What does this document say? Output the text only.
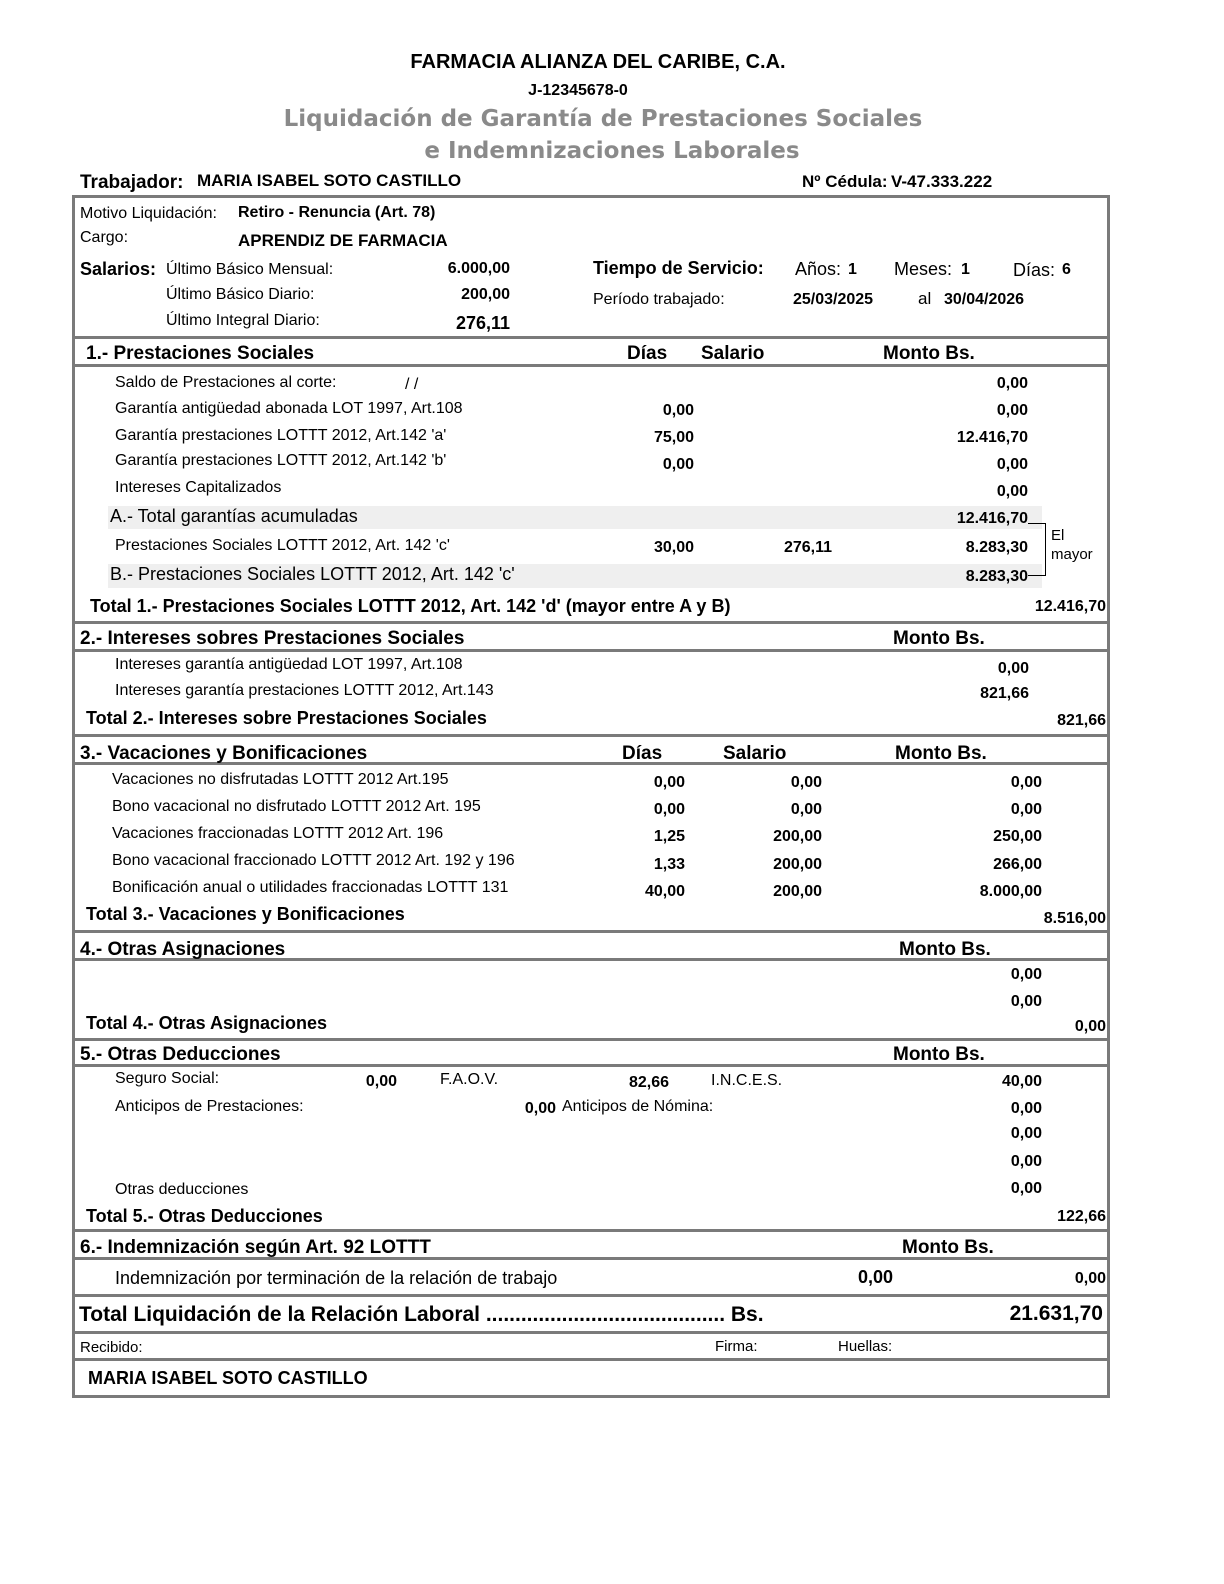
FARMACIA ALIANZA DEL CARIBE, C.A.
J-12345678-0
Liquidación de Garantía de Prestaciones Sociales
e Indemnizaciones Laborales
Trabajador: MARIA ISABEL SOTO CASTILLO	Nº Cédula: V-47.333.222
Motivo Liquidación: Retiro - Renuncia (Art. 78)
Cargo:	APRENDIZ DE FARMACIA
Salarios: Último Básico Mensual:	6.000,00
Último Básico Diario:	200,00
Último Integral Diario:	276,11
Tiempo de Servicio: Años: 1 Meses: 1 Días: 6
Período trabajado:	25/03/2025	al 30/04/2026
1.- Prestaciones Sociales	Días Salario	Monto Bs.
Saldo de Prestaciones al corte:	/ /	0,00
Garantía antigüedad abonada LOT 1997, Art.108	0,00	0,00
Garantía prestaciones LOTTT 2012, Art.142 'a'	75,00	12.416,70
Garantía prestaciones LOTTT 2012, Art.142 'b'	0,00	0,00
Intereses Capitalizados	0,00
A.- Total garantías acumuladas	12.416,70
Prestaciones Sociales LOTTT 2012, Art. 142 'c'	30,00	276,11	8.283,30
B.- Prestaciones Sociales LOTTT 2012, Art. 142 'c'	8.283,30
El
mayor
Total 1.- Prestaciones Sociales LOTTT 2012, Art. 142 'd' (mayor entre A y B)	12.416,70
2.- Intereses sobres Prestaciones Sociales	Monto Bs.
Intereses garantía antigüedad LOT 1997, Art.108	0,00
Intereses garantía prestaciones LOTTT 2012, Art.143	821,66
Total 2.- Intereses sobre Prestaciones Sociales	821,66
3.- Vacaciones y Bonificaciones	Días	Salario	Monto Bs.
Vacaciones no disfrutadas LOTTT 2012 Art.195	0,00	0,00	0,00
Bono vacacional no disfrutado LOTTT 2012 Art. 195	0,00	0,00	0,00
Vacaciones fraccionadas LOTTT 2012 Art. 196	1,25	200,00	250,00
Bono vacacional fraccionado LOTTT 2012 Art. 192 y 196	1,33	200,00	266,00
Bonificación anual o utilidades fraccionadas LOTTT 131	40,00	200,00	8.000,00
Total 3.- Vacaciones y Bonificaciones	8.516,00
4.- Otras Asignaciones	Monto Bs.
0,00
0,00
Total 4.- Otras Asignaciones	0,00
5.- Otras Deducciones	Monto Bs.
Seguro Social:	0,00	F.A.O.V.	82,66	I.N.C.E.S.	40,00
Anticipos de Prestaciones:	0,00 Anticipos de Nómina:	0,00
0,00
0,00
Otras deducciones	0,00
Total 5.- Otras Deducciones	122,66
6.- Indemnización según Art. 92 LOTTT	Monto Bs.
Indemnización por terminación de la relación de trabajo	0,00	0,00
Total Liquidación de la Relación Laboral ......................................... Bs.	21.631,70
Recibido:	Firma:	Huellas:
MARIA ISABEL SOTO CASTILLO
